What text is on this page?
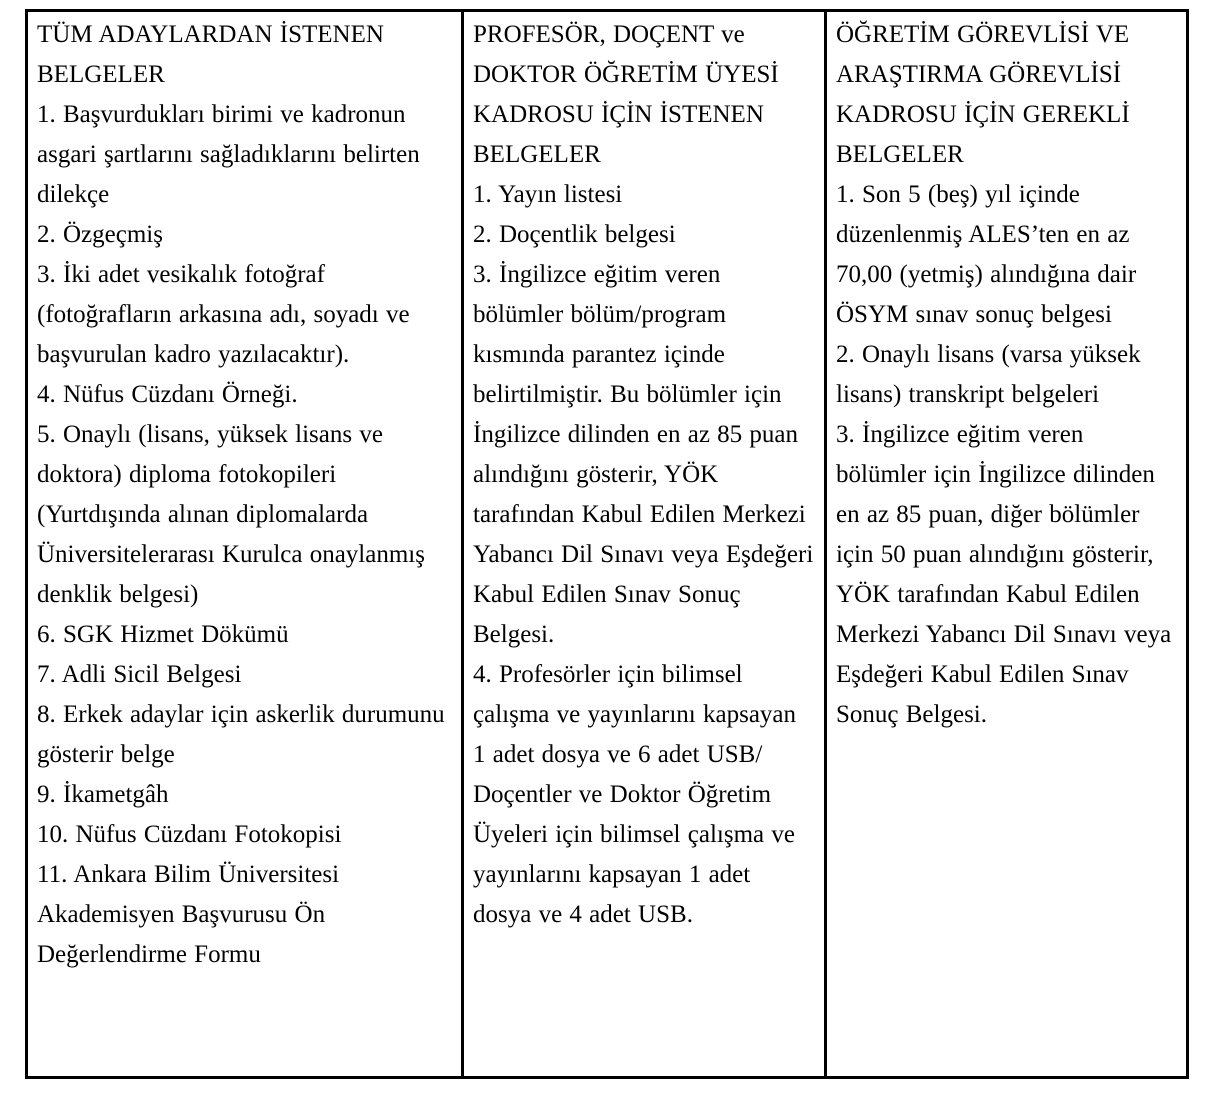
TÜM ADAYLARDAN İSTENEN BELGELER

1. Başvurdukları birimi ve kadronun asgari şartlarını sağladıklarını belirten dilekçe

2. Özgeçmiş

3. İki adet vesikalık fotoğraf (fotoğrafların arkasına adı, soyadı ve başvurulan kadro yazılacaktır).

4. Nüfus Cüzdanı Örneği.

5. Onaylı (lisans, yüksek lisans ve doktora) diploma fotokopileri (Yurtdışında alınan diplomalarda Üniversitelerarası Kurulca onaylanmış denklik belgesi)

6. SGK Hizmet Dökümü

7. Adli Sicil Belgesi

8. Erkek adaylar için askerlik durumunu gösterir belge

9. İkametgâh

10. Nüfus Cüzdanı Fotokopisi

11. Ankara Bilim Üniversitesi Akademisyen Başvurusu Ön Değerlendirme Formu

PROFESÖR, DOÇENT ve DOKTOR ÖĞRETİM ÜYESİ KADROSU İÇİN İSTENEN BELGELER

1. Yayın listesi

2. Doçentlik belgesi

3. İngilizce eğitim veren bölümler bölüm/program kısmında parantez içinde belirtilmiştir. Bu bölümler için İngilizce dilinden en az 85 puan alındığını gösterir, YÖK tarafından Kabul Edilen Merkezi Yabancı Dil Sınavı veya Eşdeğeri Kabul Edilen Sınav Sonuç Belgesi.

4. Profesörler için bilimsel çalışma ve yayınlarını kapsayan 1 adet dosya ve 6 adet USB/ Doçentler ve Doktor Öğretim Üyeleri için bilimsel çalışma ve yayınlarını kapsayan 1 adet dosya ve 4 adet USB.

ÖĞRETİM GÖREVLİSİ VE ARAŞTIRMA GÖREVLİSİ KADROSU İÇİN GEREKLİ BELGELER

1. Son 5 (beş) yıl içinde düzenlenmiş ALES’ten en az 70,00 (yetmiş) alındığına dair ÖSYM sınav sonuç belgesi

2. Onaylı lisans (varsa yüksek lisans) transkript belgeleri

3. İngilizce eğitim veren bölümler için İngilizce dilinden en az 85 puan, diğer bölümler için 50 puan alındığını gösterir, YÖK tarafından Kabul Edilen Merkezi Yabancı Dil Sınavı veya Eşdeğeri Kabul Edilen Sınav Sonuç Belgesi.
